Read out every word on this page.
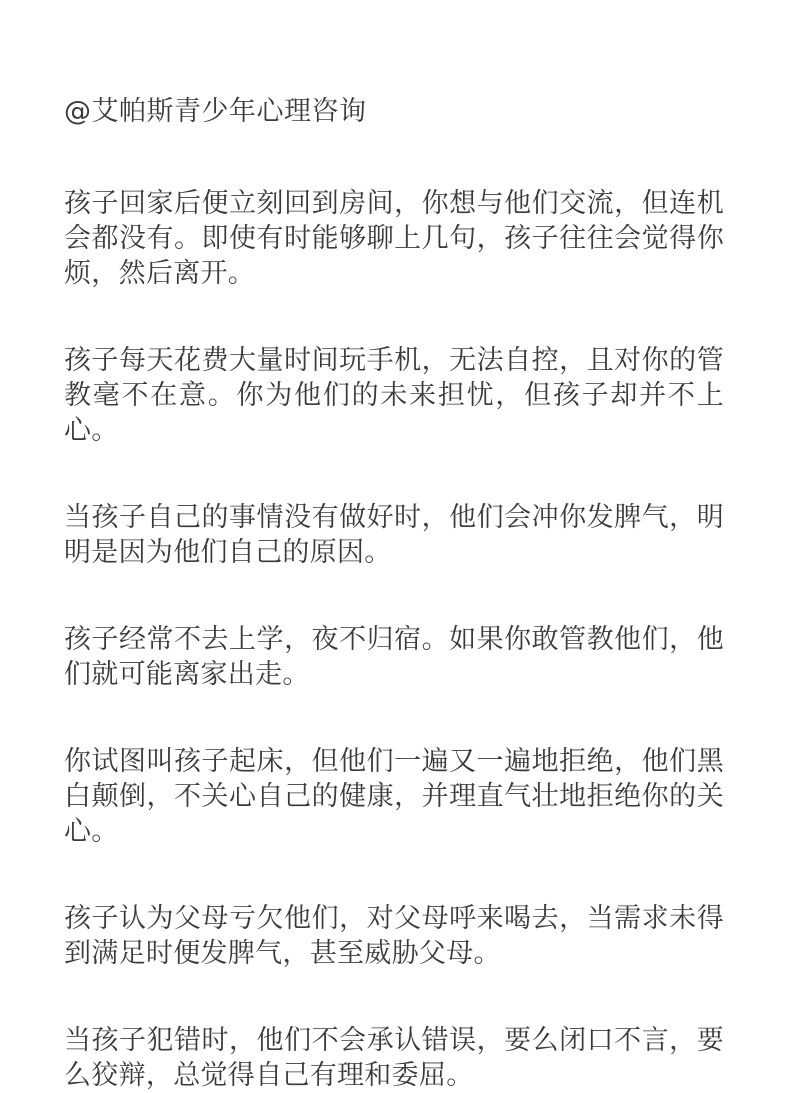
@艾帕斯青少年心理咨询

孩子回家后便立刻回到房间，你想与他们交流，但连机会都没有。即使有时能够聊上几句，孩子往往会觉得你烦，然后离开。

孩子每天花费大量时间玩手机，无法自控，且对你的管教毫不在意。你为他们的未来担忧，但孩子却并不上心。

当孩子自己的事情没有做好时，他们会冲你发脾气，明明是因为他们自己的原因。

孩子经常不去上学，夜不归宿。如果你敢管教他们，他们就可能离家出走。

你试图叫孩子起床，但他们一遍又一遍地拒绝，他们黑白颠倒，不关心自己的健康，并理直气壮地拒绝你的关心。

孩子认为父母亏欠他们，对父母呼来喝去，当需求未得到满足时便发脾气，甚至威胁父母。

当孩子犯错时，他们不会承认错误，要么闭口不言，要么狡辩，总觉得自己有理和委屈。
